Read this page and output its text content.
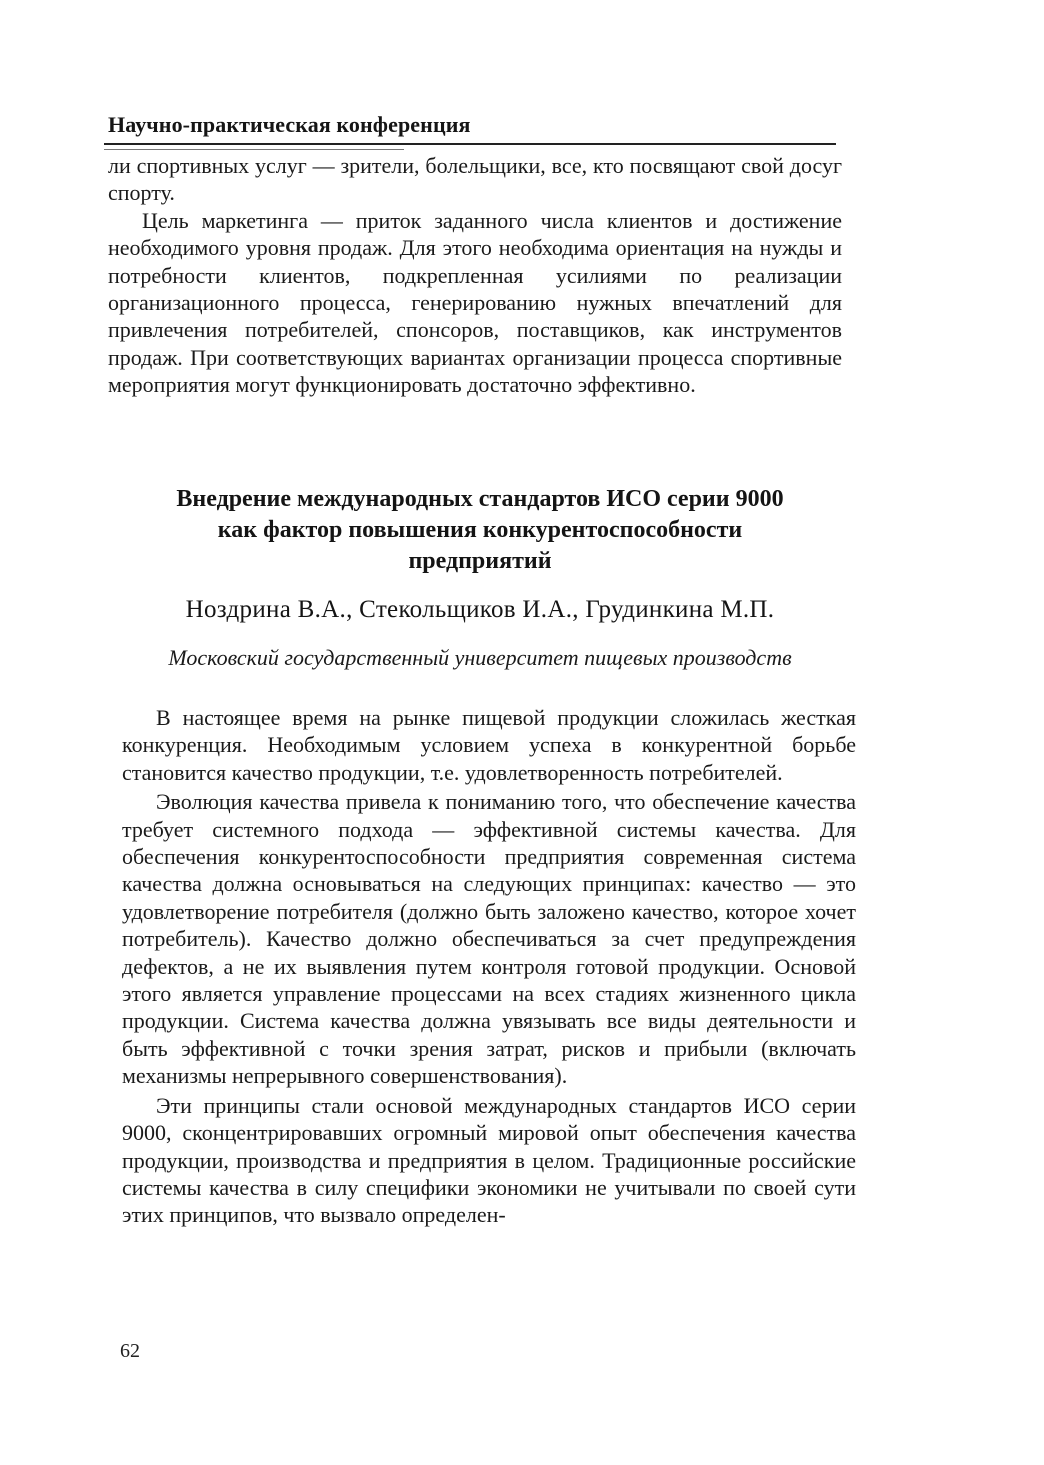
Научно-практическая конференция

ли спортивных услуг — зрители, болельщики, все, кто посвящают свой досуг спорту.

Цель маркетинга — приток заданного числа клиентов и достижение необходимого уровня продаж. Для этого необходима ориентация на нужды и потребности клиентов, подкрепленная усилиями по реализации организационного процесса, генерированию нужных впечатлений для привлечения потребителей, спонсоров, поставщиков, как инструментов продаж. При соответствующих вариантах организации процесса спортивные мероприятия могут функционировать достаточно эффективно.

Внедрение международных стандартов ИСО серии 9000
как фактор повышения конкурентоспособности
предприятий
Ноздрина В.А., Стекольщиков И.А., Грудинкина М.П.
Московский государственный университет пищевых производств

В настоящее время на рынке пищевой продукции сложилась жесткая конкуренция. Необходимым условием успеха в конкурентной борьбе становится качество продукции, т.е. удовлетворенность потребителей.

Эволюция качества привела к пониманию того, что обеспечение качества требует системного подхода — эффективной системы качества. Для обеспечения конкурентоспособности предприятия современная система качества должна основываться на следующих принципах: качество — это удовлетворение потребителя (должно быть заложено качество, которое хочет потребитель). Качество должно обеспечиваться за счет предупреждения дефектов, а не их выявления путем контроля готовой продукции. Основой этого является управление процессами на всех стадиях жизненного цикла продукции. Система качества должна увязывать все виды деятельности и быть эффективной с точки зрения затрат, рисков и прибыли (включать механизмы непрерывного совершенствования).

Эти принципы стали основой международных стандартов ИСО серии 9000, сконцентрировавших огромный мировой опыт обеспечения качества продукции, производства и предприятия в целом. Традиционные российские системы качества в силу специфики экономики не учитывали по своей сути этих принципов, что вызвало определен-

62
